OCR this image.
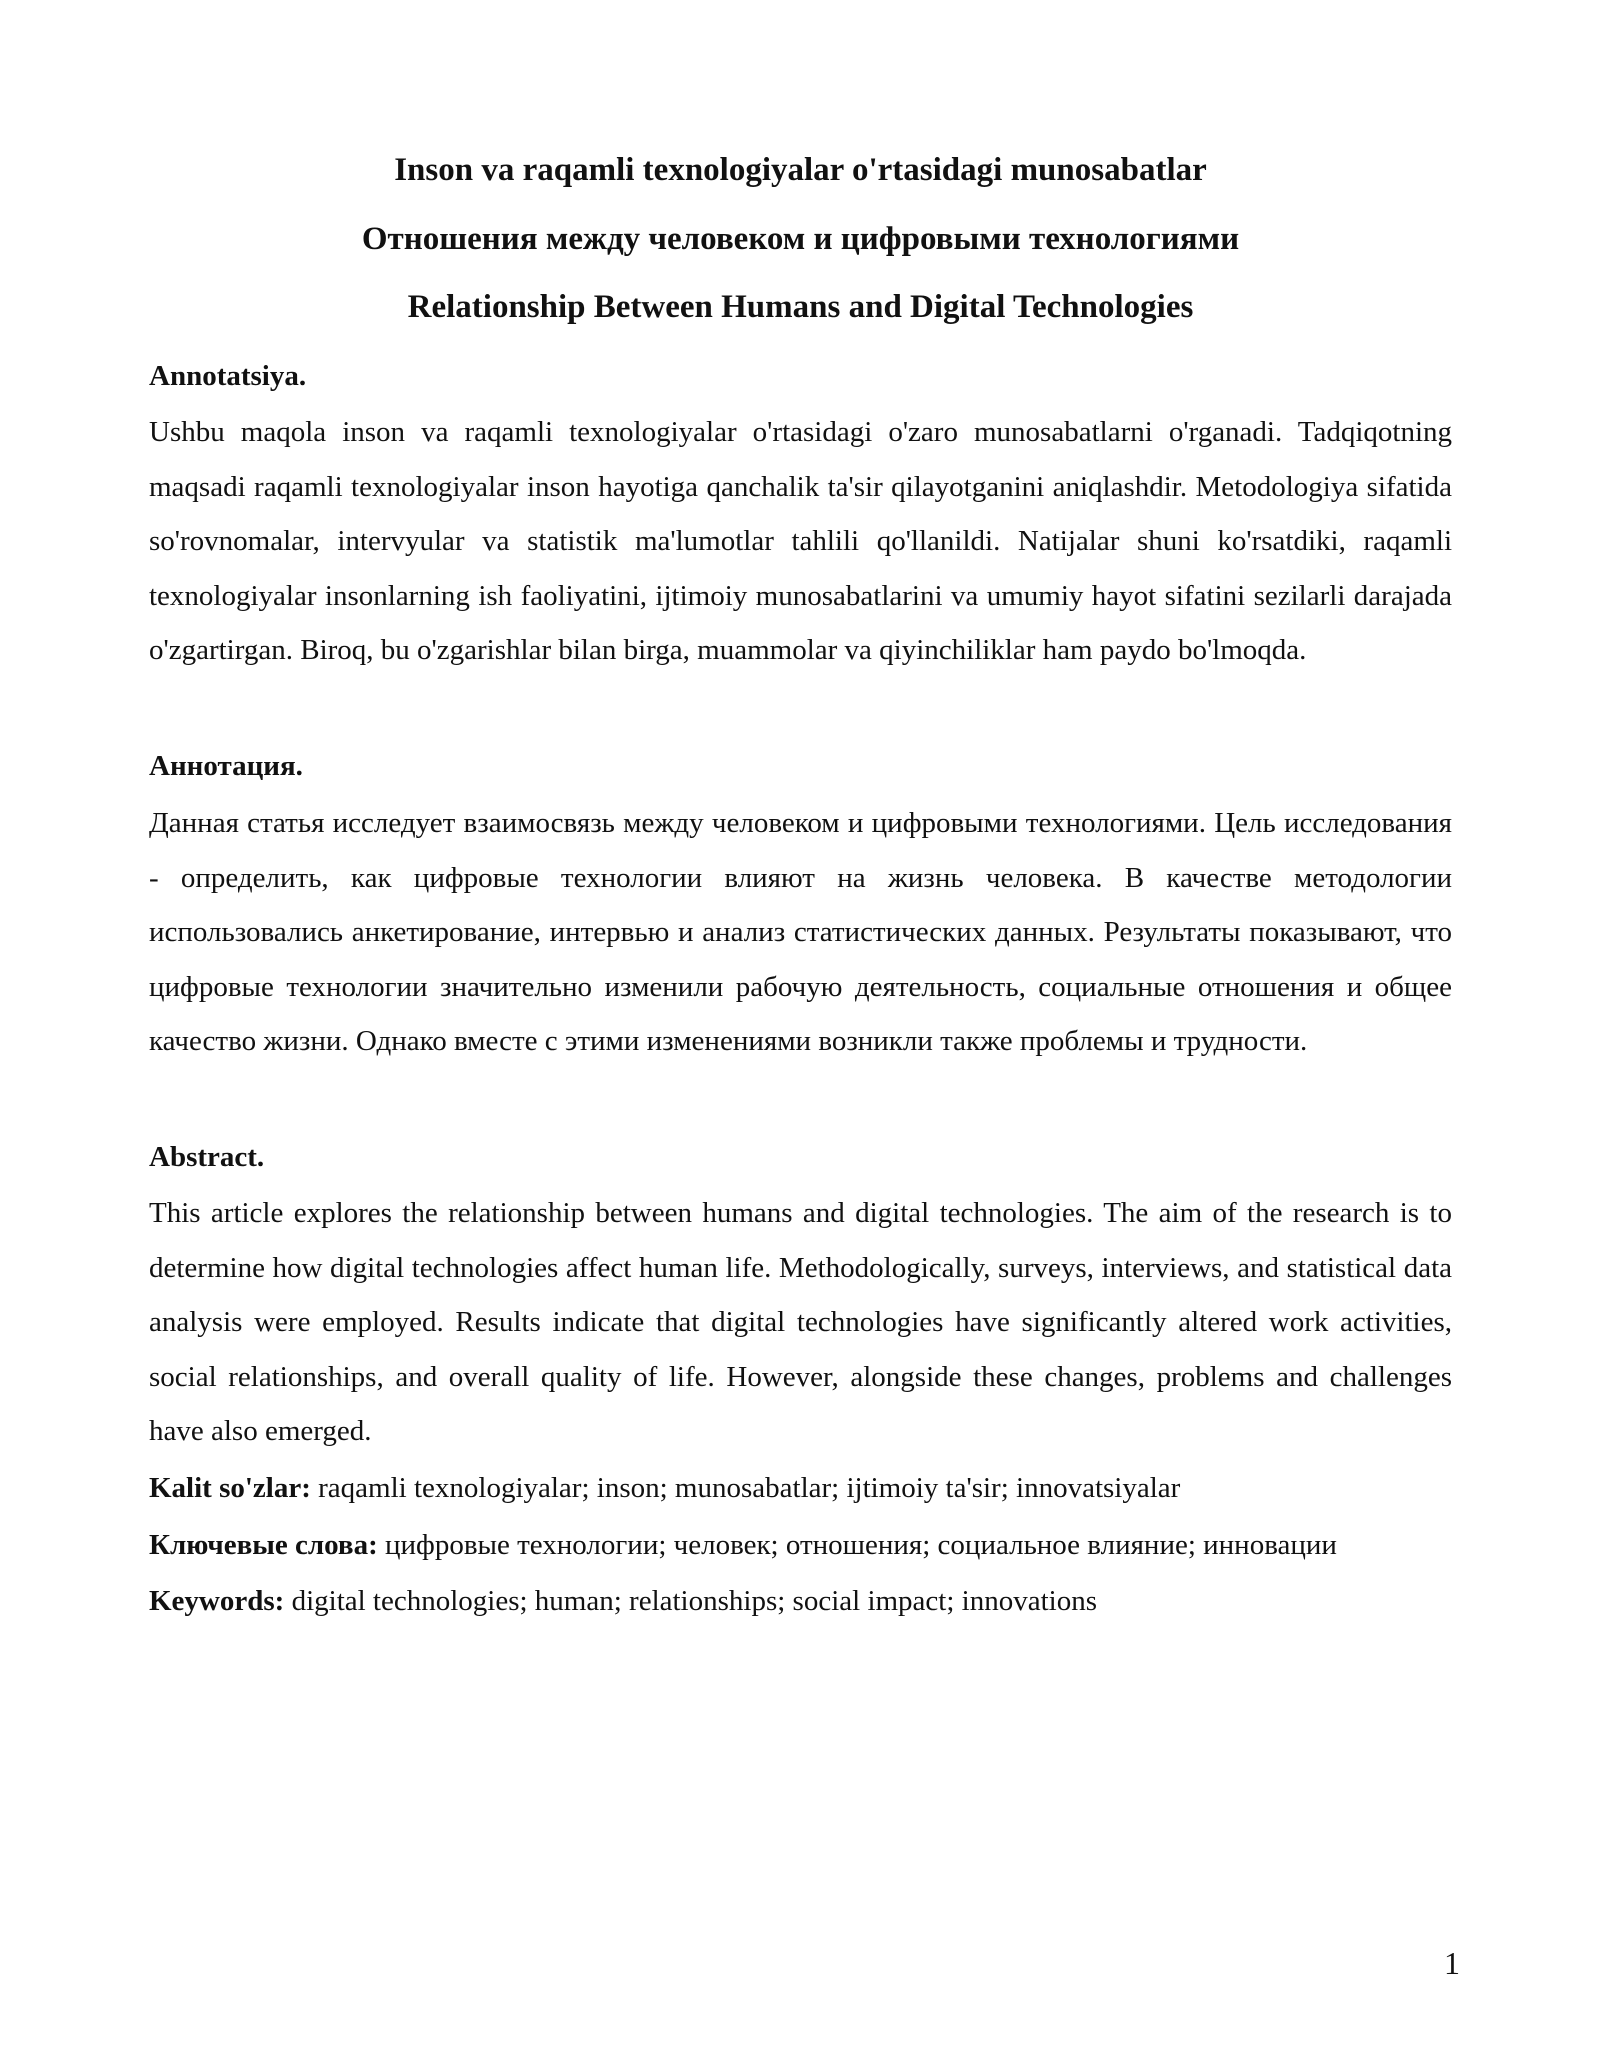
Inson va raqamli texnologiyalar o'rtasidagi munosabatlar
Отношения между человеком и цифровыми технологиями
Relationship Between Humans and Digital Technologies

Annotatsiya.

Ushbu maqola inson va raqamli texnologiyalar o'rtasidagi o'zaro munosabatlarni o'rganadi. Tadqiqotning maqsadi raqamli texnologiyalar inson hayotiga qanchalik ta'sir qilayotganini aniqlashdir. Metodologiya sifatida so'rovnomalar, intervyular va statistik ma'lumotlar tahlili qo'llanildi. Natijalar shuni ko'rsatdiki, raqamli texnologiyalar insonlarning ish faoliyatini, ijtimoiy munosabatlarini va umumiy hayot sifatini sezilarli darajada o'zgartirgan. Biroq, bu o'zgarishlar bilan birga, muammolar va qiyinchiliklar ham paydo bo'lmoqda.

Аннотация.

Данная статья исследует взаимосвязь между человеком и цифровыми технологиями. Цель исследования - определить, как цифровые технологии влияют на жизнь человека. В качестве методологии использовались анкетирование, интервью и анализ статистических данных. Результаты показывают, что цифровые технологии значительно изменили рабочую деятельность, социальные отношения и общее качество жизни. Однако вместе с этими изменениями возникли также проблемы и трудности.

Abstract.

This article explores the relationship between humans and digital technologies. The aim of the research is to determine how digital technologies affect human life. Methodologically, surveys, interviews, and statistical data analysis were employed. Results indicate that digital technologies have significantly altered work activities, social relationships, and overall quality of life. However, alongside these changes, problems and challenges have also emerged.

Kalit so'zlar: raqamli texnologiyalar; inson; munosabatlar; ijtimoiy ta'sir; innovatsiyalar

Ключевые слова: цифровые технологии; человек; отношения; социальное влияние; инновации

Keywords: digital technologies; human; relationships; social impact; innovations

1
